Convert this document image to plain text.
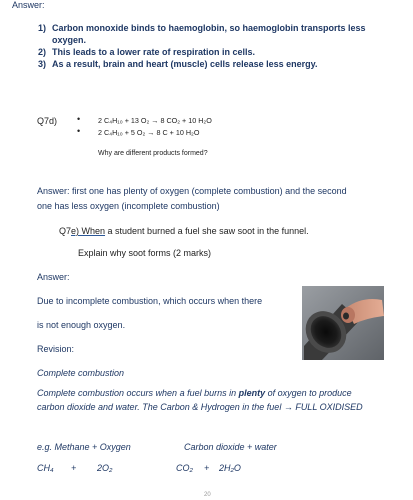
Answer:
1) Carbon monoxide binds to haemoglobin, so haemoglobin transports less oxygen.
2) This leads to a lower rate of respiration in cells.
3) As a result, brain and heart (muscle) cells release less energy.
Q7d) • 2 C₄H₁₀ + 13 O₂ → 8 CO₂ + 10 H₂O
• 2 C₄H₁₀ + 5 O₂ → 8 C + 10 H₂O
Why are different products formed?
Answer: first one has plenty of oxygen (complete combustion) and the second
one has less oxygen (incomplete combustion)
Q7e) When a student burned a fuel she saw soot in the funnel.
Explain why soot forms (2 marks)
Answer:
Due to incomplete combustion, which occurs when there
is not enough oxygen.
Revision:
Complete combustion
Complete combustion occurs when a fuel burns in plenty of oxygen to produce
carbon dioxide and water. The Carbon & Hydrogen in the fuel → FULL OXIDISED
e.g. Methane + Oxygen	Carbon dioxide + water
CH₄ + 2O₂	CO₂ + 2H₂O
20
